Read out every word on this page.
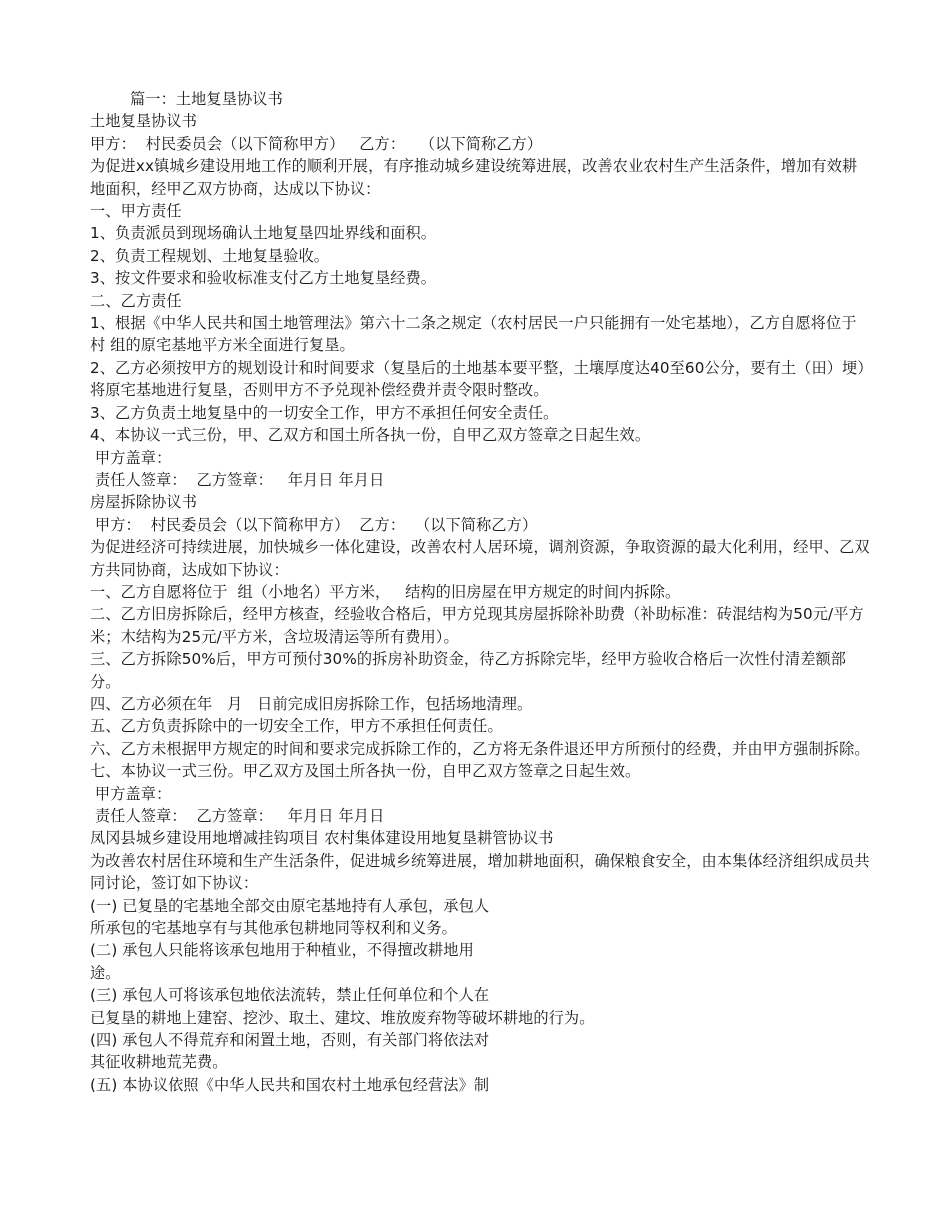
篇一：土地复垦协议书

土地复垦协议书

甲方：  村民委员会（以下简称甲方）   乙方：   （以下简称乙方）

为促进xx镇城乡建设用地工作的顺利开展，有序推动城乡建设统筹进展，改善农业农村生产生活条件，增加有效耕地面积，经甲乙双方协商，达成以下协议：

一、甲方责任

1、负责派员到现场确认土地复垦四址界线和面积。

2、负责工程规划、土地复垦验收。

3、按文件要求和验收标准支付乙方土地复垦经费。

二、乙方责任

1、根据《中华人民共和国土地管理法》第六十二条之规定（农村居民一户只能拥有一处宅基地），乙方自愿将位于 村 组的原宅基地平方米全面进行复垦。

2、乙方必须按甲方的规划设计和时间要求（复垦后的土地基本要平整，土壤厚度达40至60公分，要有土（田）埂）将原宅基地进行复垦，否则甲方不予兑现补偿经费并责令限时整改。

3、乙方负责土地复垦中的一切安全工作，甲方不承担任何安全责任。

4、本协议一式三份，甲、乙双方和国土所各执一份，自甲乙双方签章之日起生效。

甲方盖章：

责任人签章：  乙方签章：   年月日 年月日

房屋拆除协议书

甲方：  村民委员会（以下简称甲方）  乙方：  （以下简称乙方）

为促进经济可持续进展，加快城乡一体化建设，改善农村人居环境，调剂资源，争取资源的最大化利用，经甲、乙双方共同协商，达成如下协议：

一、乙方自愿将位于  组（小地名）平方米，   结构的旧房屋在甲方规定的时间内拆除。

二、乙方旧房拆除后，经甲方核查，经验收合格后，甲方兑现其房屋拆除补助费（补助标准：砖混结构为50元/平方米；木结构为25元/平方米，含垃圾清运等所有费用）。

三、乙方拆除50%后，甲方可预付30%的拆房补助资金，待乙方拆除完毕，经甲方验收合格后一次性付清差额部分。

四、乙方必须在年   月   日前完成旧房拆除工作，包括场地清理。

五、乙方负责拆除中的一切安全工作，甲方不承担任何责任。

六、乙方未根据甲方规定的时间和要求完成拆除工作的，乙方将无条件退还甲方所预付的经费，并由甲方强制拆除。

七、本协议一式三份。甲乙双方及国土所各执一份，自甲乙双方签章之日起生效。

甲方盖章：

责任人签章：  乙方签章：   年月日 年月日

凤冈县城乡建设用地增减挂钩项目 农村集体建设用地复垦耕管协议书

为改善农村居住环境和生产生活条件，促进城乡统筹进展，增加耕地面积，确保粮食安全，由本集体经济组织成员共同讨论，签订如下协议：

(一) 已复垦的宅基地全部交由原宅基地持有人承包，承包人

所承包的宅基地享有与其他承包耕地同等权利和义务。

(二) 承包人只能将该承包地用于种植业，不得擅改耕地用

途。

(三) 承包人可将该承包地依法流转，禁止任何单位和个人在

已复垦的耕地上建窑、挖沙、取土、建坟、堆放废弃物等破坏耕地的行为。

(四) 承包人不得荒弃和闲置土地，否则，有关部门将依法对

其征收耕地荒芜费。

(五) 本协议依照《中华人民共和国农村土地承包经营法》制
